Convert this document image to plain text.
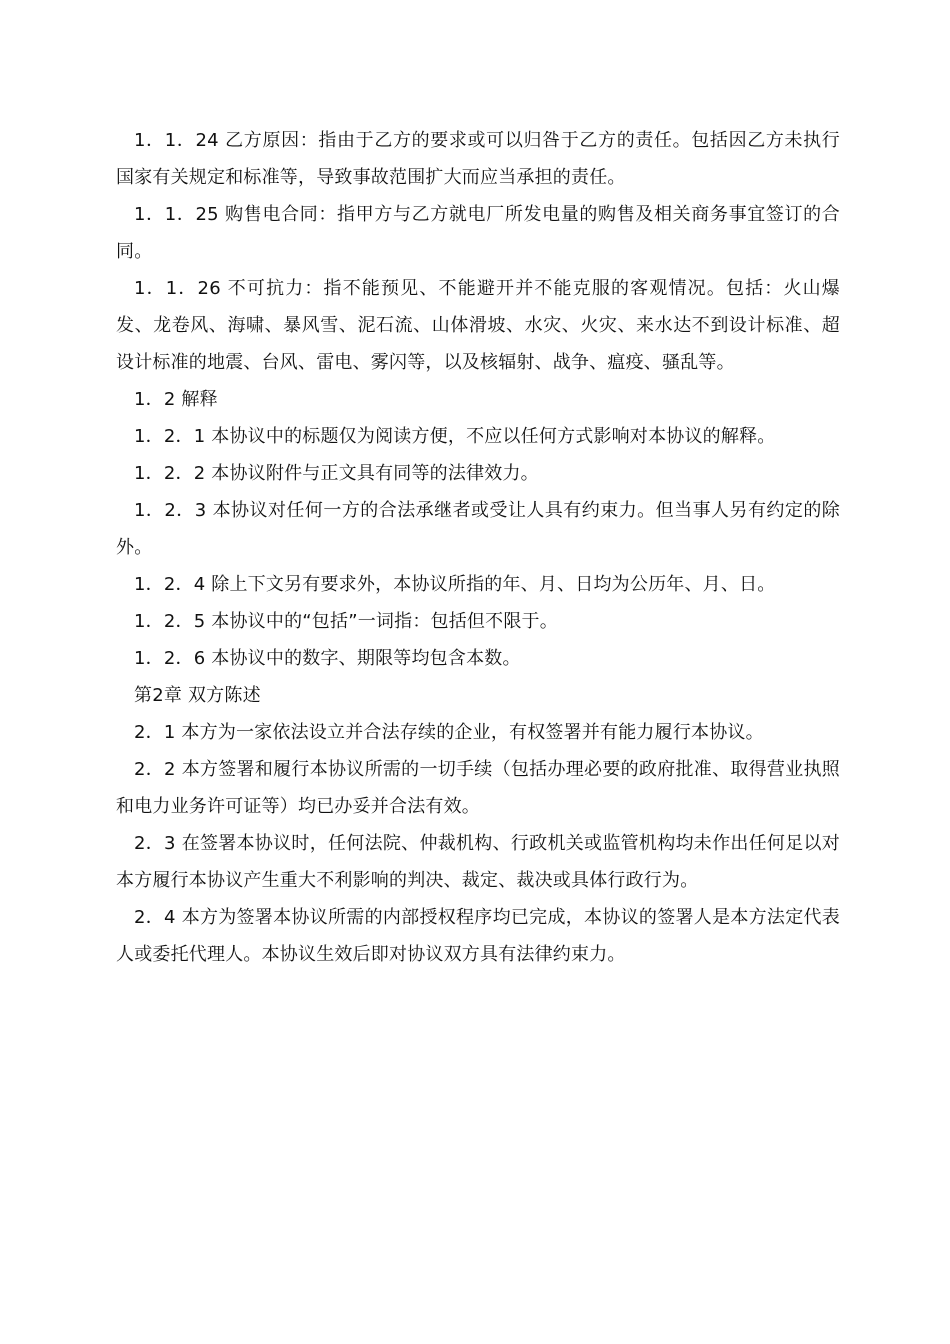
1．1．24 乙方原因：指由于乙方的要求或可以归咎于乙方的责任。包括因乙方未执行国家有关规定和标准等，导致事故范围扩大而应当承担的责任。

1．1．25 购售电合同：指甲方与乙方就电厂所发电量的购售及相关商务事宜签订的合同。

1．1．26 不可抗力：指不能预见、不能避开并不能克服的客观情况。包括：火山爆发、龙卷风、海啸、暴风雪、泥石流、山体滑坡、水灾、火灾、来水达不到设计标准、超设计标准的地震、台风、雷电、雾闪等，以及核辐射、战争、瘟疫、骚乱等。

1．2 解释

1．2．1 本协议中的标题仅为阅读方便，不应以任何方式影响对本协议的解释。

1．2．2 本协议附件与正文具有同等的法律效力。

1．2．3 本协议对任何一方的合法承继者或受让人具有约束力。但当事人另有约定的除外。

1．2．4 除上下文另有要求外，本协议所指的年、月、日均为公历年、月、日。

1．2．5 本协议中的“包括”一词指：包括但不限于。

1．2．6 本协议中的数字、期限等均包含本数。

第2章 双方陈述

2．1 本方为一家依法设立并合法存续的企业，有权签署并有能力履行本协议。

2．2 本方签署和履行本协议所需的一切手续（包括办理必要的政府批准、取得营业执照和电力业务许可证等）均已办妥并合法有效。

2．3 在签署本协议时，任何法院、仲裁机构、行政机关或监管机构均未作出任何足以对本方履行本协议产生重大不利影响的判决、裁定、裁决或具体行政行为。

2．4 本方为签署本协议所需的内部授权程序均已完成，本协议的签署人是本方法定代表人或委托代理人。本协议生效后即对协议双方具有法律约束力。
